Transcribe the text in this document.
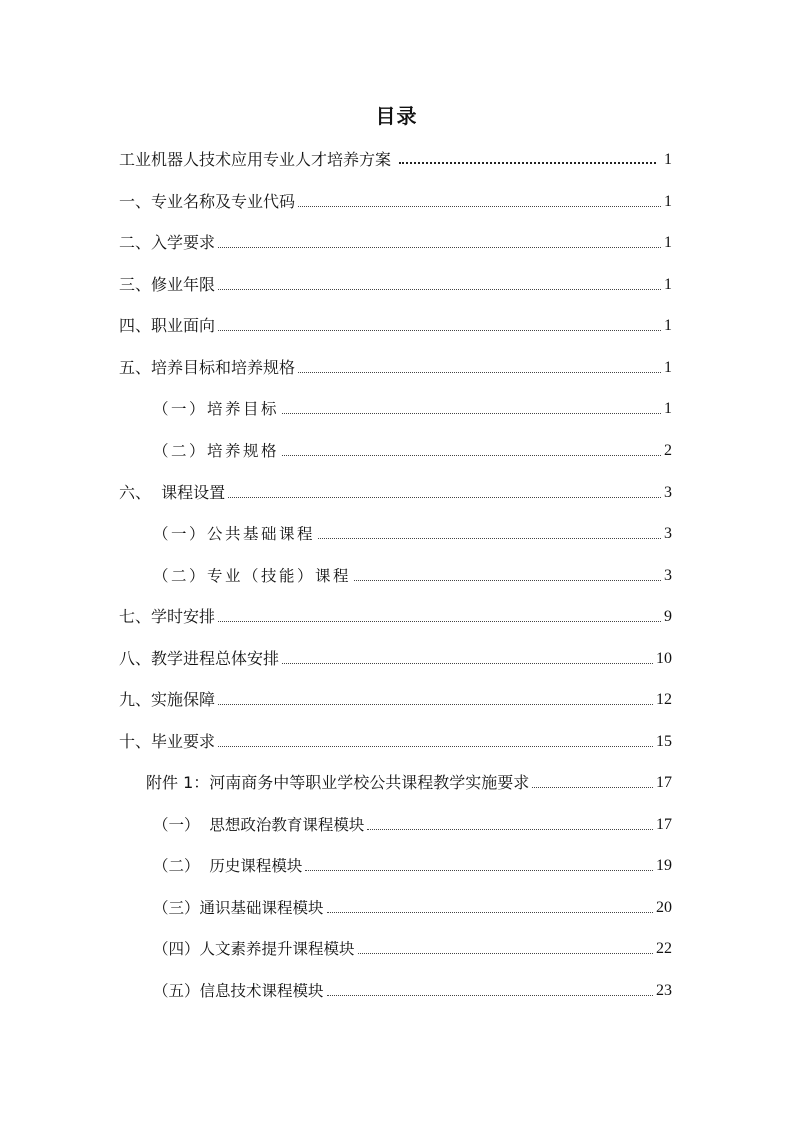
目录
工业机器人技术应用专业人才培养方案	1
一、专业名称及专业代码	1
二、入学要求	1
三、修业年限	1
四、职业面向	1
五、培养目标和培养规格	1
（一）培养目标	1
（二）培养规格	2
六、  课程设置	3
（一）公共基础课程	3
（二）专业（技能）课程	3
七、学时安排	9
八、教学进程总体安排	10
九、实施保障	12
十、毕业要求	15
附件 1：河南商务中等职业学校公共课程教学实施要求	17
（一）  思想政治教育课程模块	17
（二）  历史课程模块	19
（三）通识基础课程模块	20
（四）人文素养提升课程模块	22
（五）信息技术课程模块	23
